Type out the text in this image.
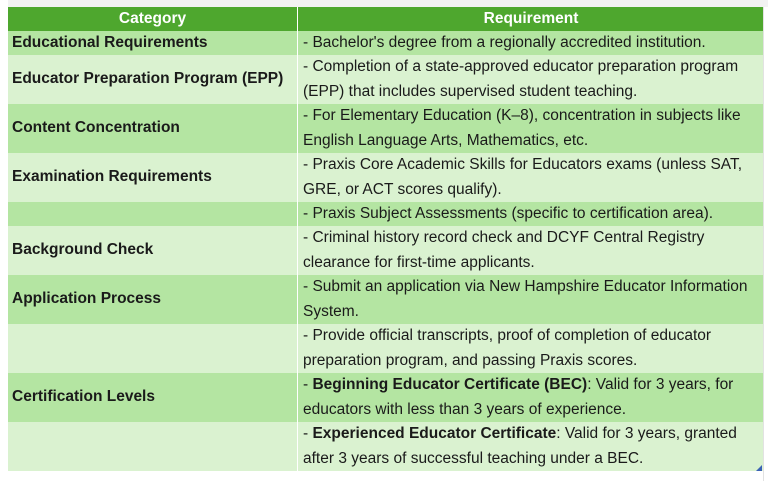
Category	Requirement
Educational Requirements	- Bachelor's degree from a regionally accredited institution.
Educator Preparation Program (EPP)
- Completion of a state-approved educator preparation program (EPP) that includes supervised student teaching.
Content Concentration
- For Elementary Education (K–8), concentration in subjects like English Language Arts, Mathematics, etc.
Examination Requirements
- Praxis Core Academic Skills for Educators exams (unless SAT, GRE, or ACT scores qualify).
- Praxis Subject Assessments (specific to certification area).
Background Check
- Criminal history record check and DCYF Central Registry clearance for first-time applicants.
Application Process
- Submit an application via New Hampshire Educator Information System.
- Provide official transcripts, proof of completion of educator preparation program, and passing Praxis scores.
Certification Levels
- Beginning Educator Certificate (BEC): Valid for 3 years, for educators with less than 3 years of experience.
- Experienced Educator Certificate: Valid for 3 years, granted after 3 years of successful teaching under a BEC.
